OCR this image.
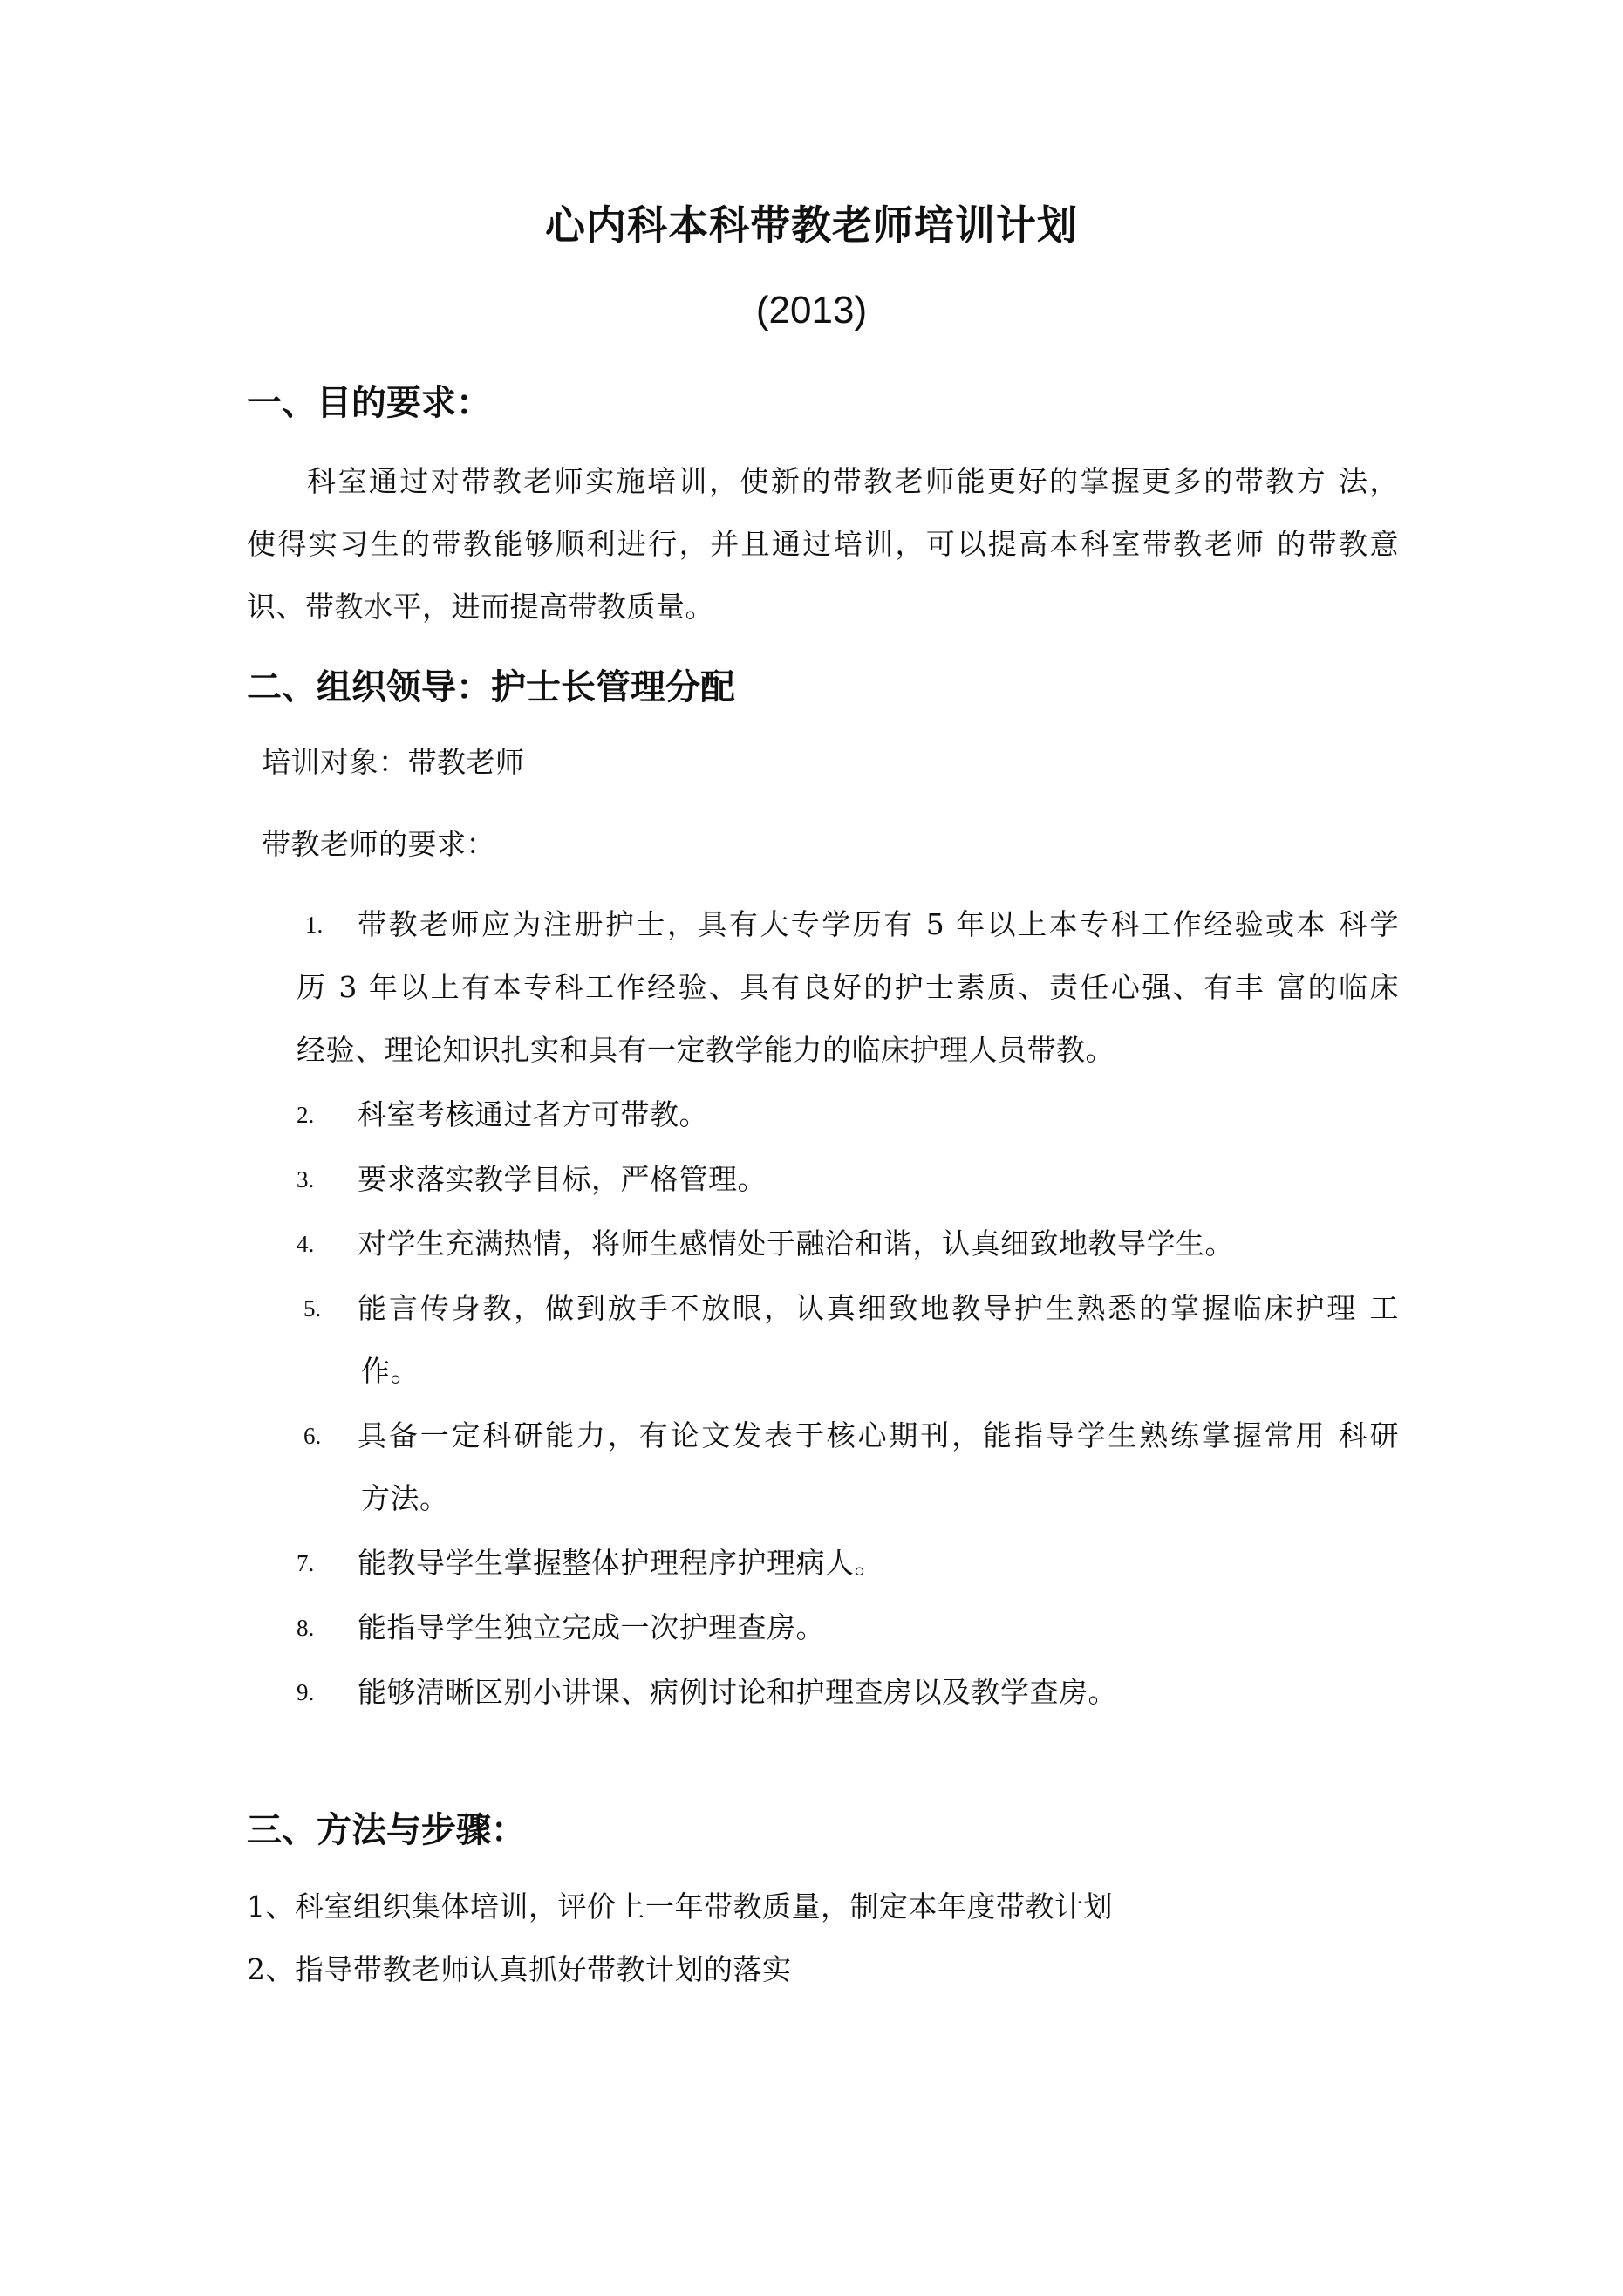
心内科本科带教老师培训计划
(2013)
一、目的要求：

科室通过对带教老师实施培训，使新的带教老师能更好的掌握更多的带教方 法，

使得实习生的带教能够顺利进行，并且通过培训，可以提高本科室带教老师 的带教意

识、带教水平，进而提高带教质量。

二、组织领导：护士长管理分配

培训对象：带教老师

带教老师的要求：

1. 带教老师应为注册护士，具有大专学历有 5 年以上本专科工作经验或本 科学

历 3 年以上有本专科工作经验、具有良好的护士素质、责任心强、有丰 富的临床

经验、理论知识扎实和具有一定教学能力的临床护理人员带教。

2. 科室考核通过者方可带教。

3. 要求落实教学目标，严格管理。

4. 对学生充满热情，将师生感情处于融洽和谐，认真细致地教导学生。

5. 能言传身教，做到放手不放眼，认真细致地教导护生熟悉的掌握临床护理 工

作。

6. 具备一定科研能力，有论文发表于核心期刊，能指导学生熟练掌握常用 科研

方法。

7. 能教导学生掌握整体护理程序护理病人。

8. 能指导学生独立完成一次护理查房。

9. 能够清晰区别小讲课、病例讨论和护理查房以及教学查房。

三、方法与步骤：

1、科室组织集体培训，评价上一年带教质量，制定本年度带教计划

2、指导带教老师认真抓好带教计划的落实
